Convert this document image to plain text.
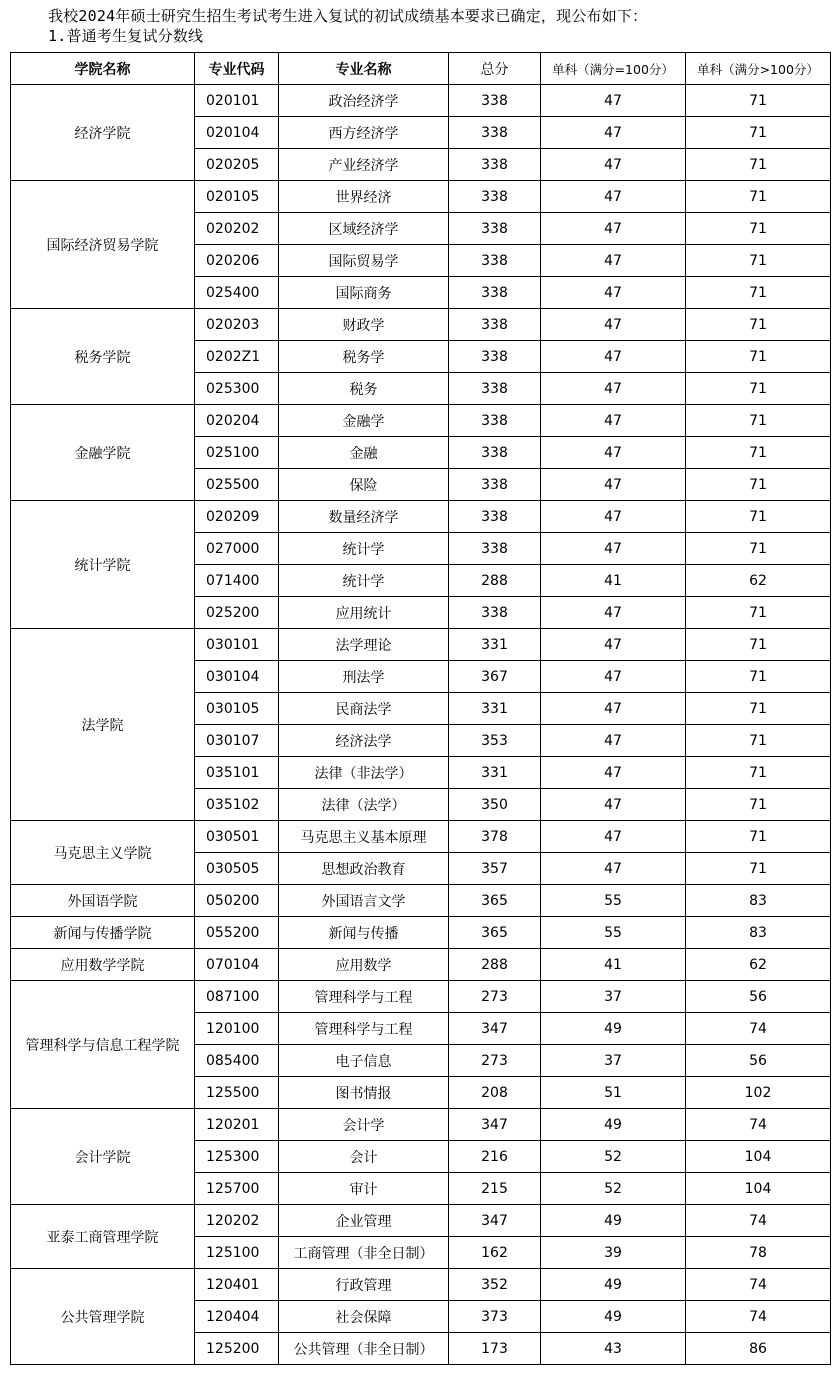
我校2024年硕士研究生招生考试考生进入复试的初试成绩基本要求已确定，现公布如下：
1.普通考生复试分数线
学院名称	专业代码	专业名称	总分	单科（满分=100分）	单科（满分>100分）
经济学院	020101	政治经济学	338	47	71
	020104	西方经济学	338	47	71
	020205	产业经济学	338	47	71
国际经济贸易学院	020105	世界经济	338	47	71
	020202	区域经济学	338	47	71
	020206	国际贸易学	338	47	71
	025400	国际商务	338	47	71
税务学院	020203	财政学	338	47	71
	0202Z1	税务学	338	47	71
	025300	税务	338	47	71
金融学院	020204	金融学	338	47	71
	025100	金融	338	47	71
	025500	保险	338	47	71
统计学院	020209	数量经济学	338	47	71
	027000	统计学	338	47	71
	071400	统计学	288	41	62
	025200	应用统计	338	47	71
法学院	030101	法学理论	331	47	71
	030104	刑法学	367	47	71
	030105	民商法学	331	47	71
	030107	经济法学	353	47	71
	035101	法律（非法学）	331	47	71
	035102	法律（法学）	350	47	71
马克思主义学院	030501	马克思主义基本原理	378	47	71
	030505	思想政治教育	357	47	71
外国语学院	050200	外国语言文学	365	55	83
新闻与传播学院	055200	新闻与传播	365	55	83
应用数学学院	070104	应用数学	288	41	62
管理科学与信息工程学院	087100	管理科学与工程	273	37	56
	120100	管理科学与工程	347	49	74
	085400	电子信息	273	37	56
	125500	图书情报	208	51	102
会计学院	120201	会计学	347	49	74
	125300	会计	216	52	104
	125700	审计	215	52	104
亚泰工商管理学院	120202	企业管理	347	49	74
	125100	工商管理（非全日制）	162	39	78
公共管理学院	120401	行政管理	352	49	74
	120404	社会保障	373	49	74
	125200	公共管理（非全日制）	173	43	86
